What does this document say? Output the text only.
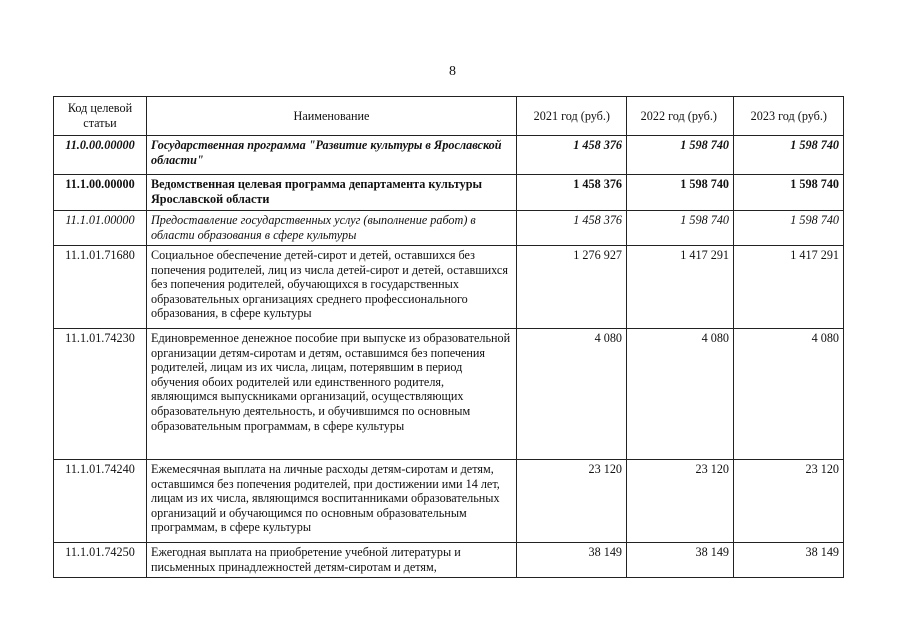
8
Код целевой статьи	Наименование	2021 год (руб.)	2022 год (руб.)	2023 год (руб.)
11.0.00.00000	Государственная программа "Развитие культуры в Ярославской области"	1 458 376	1 598 740	1 598 740
11.1.00.00000	Ведомственная целевая программа департамента культуры Ярославской области	1 458 376	1 598 740	1 598 740
11.1.01.00000	Предоставление государственных услуг (выполнение работ) в области образования в сфере культуры	1 458 376	1 598 740	1 598 740
11.1.01.71680	Социальное обеспечение детей-сирот и детей, оставшихся без попечения родителей, лиц из числа детей-сирот и детей, оставшихся без попечения родителей, обучающихся в государственных образовательных организациях среднего профессионального образования, в сфере культуры	1 276 927	1 417 291	1 417 291
11.1.01.74230	Единовременное денежное пособие при выпуске из образовательной организации детям-сиротам и детям, оставшимся без попечения родителей, лицам из их числа, лицам, потерявшим в период обучения обоих родителей или единственного родителя, являющимся выпускниками организаций, осуществляющих образовательную деятельность, и обучившимся по основным образовательным программам, в сфере культуры	4 080	4 080	4 080
11.1.01.74240	Ежемесячная выплата на личные расходы детям-сиротам и детям, оставшимся без попечения родителей, при достижении ими 14 лет, лицам из их числа, являющимся воспитанниками образовательных организаций и обучающимся по основным образовательным программам, в сфере культуры	23 120	23 120	23 120
11.1.01.74250	Ежегодная выплата на приобретение учебной литературы и письменных принадлежностей детям-сиротам и детям,	38 149	38 149	38 149
